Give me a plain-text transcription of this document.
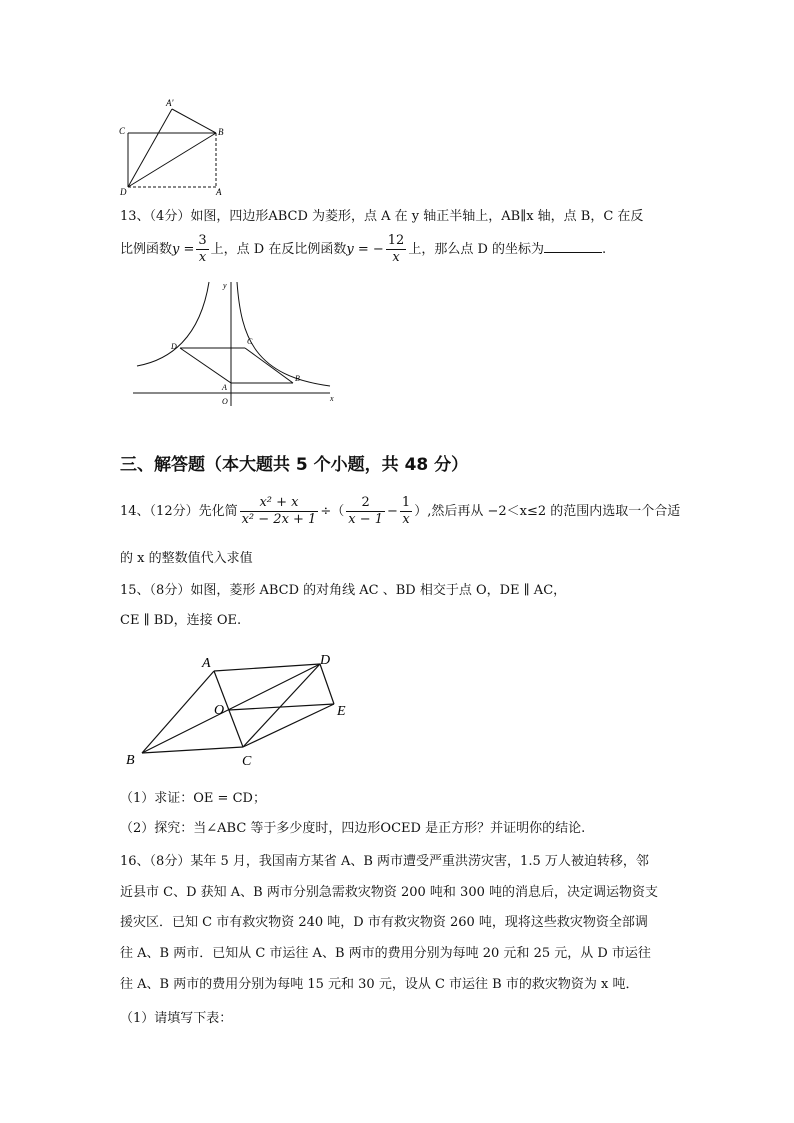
A'
C	B
D	A
13、（4分）如图，四边形ABCD 为菱形，点 A 在 y 轴正半轴上，AB∥x 轴，点 B，C 在反
比例函数$y = \frac{3}{x}$ 上，点 D 在反比例函数y = − $\frac{12}{x}$ 上，那么点 D 的坐标为	.
y
D
C
B
A
O	x
三、解答题（本大题共 5 个小题，共 48 分）
14、（12分）先化简 $\frac{\text{x² + x}}{\text{x² − 2x + 1}}$ ÷（ $\frac{2}{x - 1} - \frac{1}{x}$ ）,然后再从 −2＜x≤2 的范围内选取一个合适
的 x 的整数值代入求值
15、（8分）如图，菱形 ABCD 的对角线 AC 、BD 相交于点 O，DE ∥ AC，
CE ∥ BD，连接 OE.
A	D
O	E
B	C
（1）求证：OE = CD；
（2）探究：当∠ABC 等于多少度时，四边形OCED 是正方形？并证明你的结论.
16、（8分）某年 5 月，我国南方某省 A、B 两市遭受严重洪涝灾害，1.5 万人被迫转移，邻
近县市 C、D 获知 A、B 两市分别急需救灾物资 200 吨和 300 吨的消息后，决定调运物资支
援灾区．已知 C 市有救灾物资 240 吨，D 市有救灾物资 260 吨，现将这些救灾物资全部调
往 A、B 两市．已知从 C 市运往 A、B 两市的费用分别为每吨 20 元和 25 元，从 D 市运往
往 A、B 两市的费用分别为每吨 15 元和 30 元，设从 C 市运往 B 市的救灾物资为 x 吨．
（1）请填写下表：
